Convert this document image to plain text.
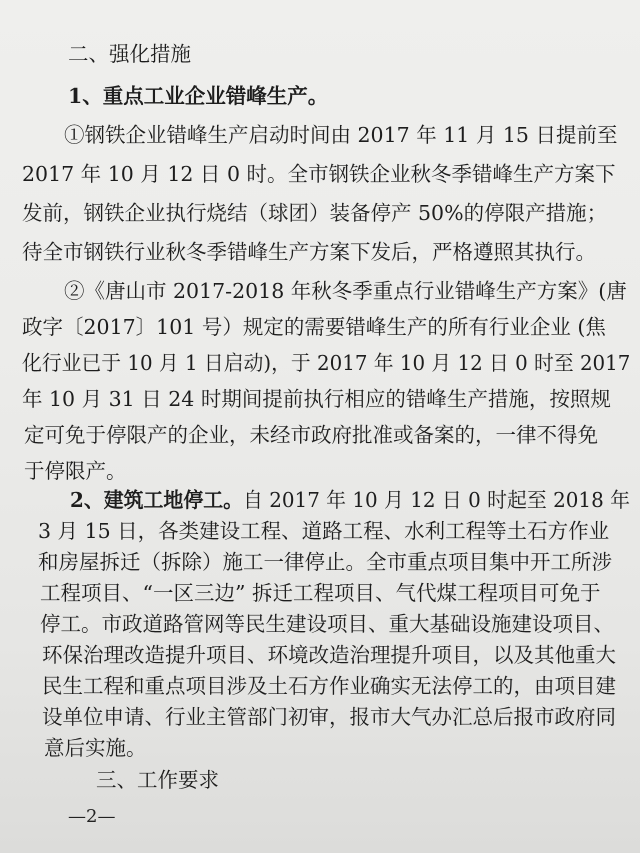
二、强化措施
1、重点工业企业错峰生产。
①钢铁企业错峰生产启动时间由 2017 年 11 月 15 日提前至
2017 年 10 月 12 日 0 时。全市钢铁企业秋冬季错峰生产方案下
发前，钢铁企业执行烧结（球团）装备停产 50%的停限产措施；
待全市钢铁行业秋冬季错峰生产方案下发后，严格遵照其执行。
②《唐山市 2017-2018 年秋冬季重点行业错峰生产方案》(唐
政字〔2017〕101 号）规定的需要错峰生产的所有行业企业 (焦
化行业已于 10 月 1 日启动)，于 2017 年 10 月 12 日 0 时至 2017
年 10 月 31 日 24 时期间提前执行相应的错峰生产措施，按照规
定可免于停限产的企业，未经市政府批准或备案的，一律不得免
于停限产。
2、建筑工地停工。自 2017 年 10 月 12 日 0 时起至 2018 年
3 月 15 日，各类建设工程、道路工程、水利工程等土石方作业
和房屋拆迁（拆除）施工一律停止。全市重点项目集中开工所涉
工程项目、“一区三边” 拆迁工程项目、气代煤工程项目可免于
停工。市政道路管网等民生建设项目、重大基础设施建设项目、
环保治理改造提升项目、环境改造治理提升项目，以及其他重大
民生工程和重点项目涉及土石方作业确实无法停工的，由项目建
设单位申请、行业主管部门初审，报市大气办汇总后报市政府同
意后实施。
三、工作要求
—2—
